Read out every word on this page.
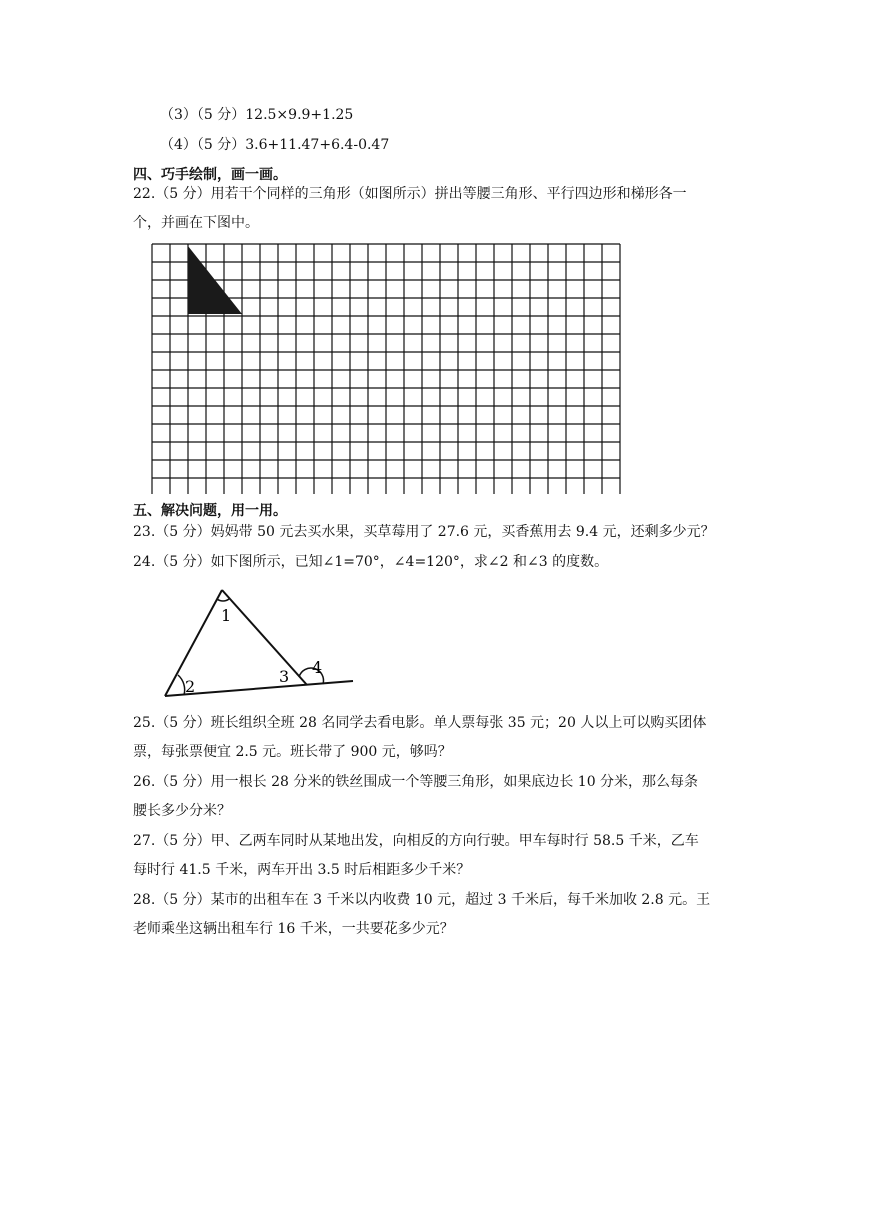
（3）（5 分）12.5×9.9+1.25
（4）（5 分）3.6+11.47+6.4-0.47
四、巧手绘制，画一画。
22.（5 分）用若干个同样的三角形（如图所示）拼出等腰三角形、平行四边形和梯形各一
个，并画在下图中。
五、解决问题，用一用。
23.（5 分）妈妈带 50 元去买水果，买草莓用了 27.6 元，买香蕉用去 9.4 元，还剩多少元？
24.（5 分）如下图所示，已知∠1=70°，∠4=120°，求∠2 和∠3 的度数。
1
2
3 4
25.（5 分）班长组织全班 28 名同学去看电影。单人票每张 35 元；20 人以上可以购买团体
票，每张票便宜 2.5 元。班长带了 900 元，够吗？
26.（5 分）用一根长 28 分米的铁丝围成一个等腰三角形，如果底边长 10 分米，那么每条
腰长多少分米？
27.（5 分）甲、乙两车同时从某地出发，向相反的方向行驶。甲车每时行 58.5 千米，乙车
每时行 41.5 千米，两车开出 3.5 时后相距多少千米？
28.（5 分）某市的出租车在 3 千米以内收费 10 元，超过 3 千米后，每千米加收 2.8 元。王
老师乘坐这辆出租车行 16 千米，一共要花多少元？
